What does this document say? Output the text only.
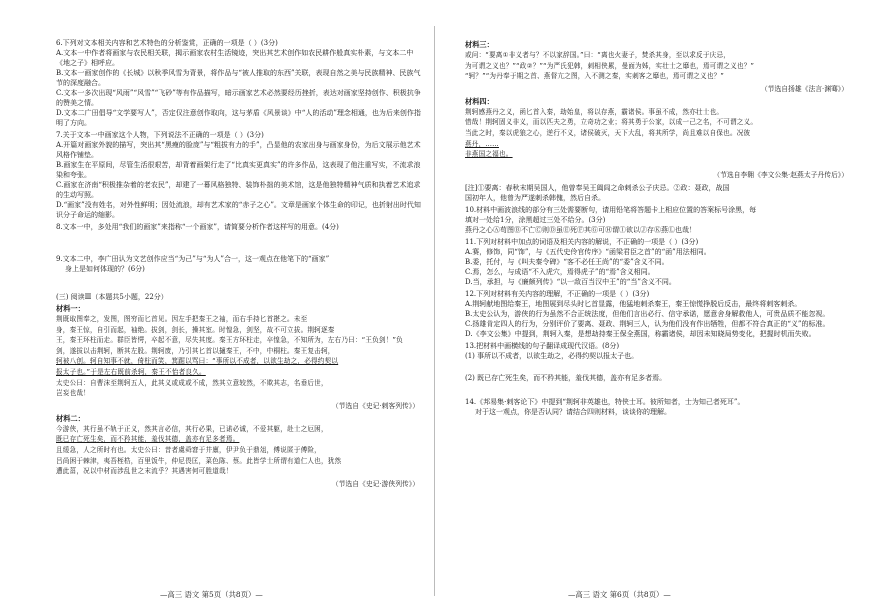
6.下列对文本相关内容和艺术特色的分析鉴赏，正确的一项是（ ）(3分)

A.文本一中作者将画家与农民相关联，揭示画家农村生活镜迹，突出其艺术创作如农民耕作般真实朴素，与文本二中《地之子》相呼应。

B.文本一画家创作的《长城》以秋季风雪为背景，将作品与“被人推取的东西”关联，表现自然之美与民族精神、民族气节的深度融合。

C.文本一多次出现“风雨”“风雪”“飞砂”等有作品描写，暗示画家艺术必然要经历挫折，表达对画家坚持创作、积极抗争的赞美之情。

D.文本二广田倡导“文学要写人”，否定仅注意创作取向，这与茅盾《风景谈》中“人的活动”理念相通，也为后来创作指明了方向。

7.关于文本一中画家这个人物，下列说法不正确的一项是（ ）(3分)

A.开篇对画家外貌的描写，突出其“黑瘦的脸庞”与“粗拔有力的手”，凸显他的农家出身与画家身份，为后文展示他艺术风格作铺垫。

B.画家生在平原间，尽管生活很艰苦，却背着画架行走了“比真实更真实”的许多作品，这表现了他注重写实，不流求浪染和夸张。

C.画家在济南“积极推杂着的老农民”，却建了一幕风格独特、装饰朴拙的美术馆，这是他独特精神气质和执着艺术追求的生动写照。

D.“画家”没有姓名，对外性鲜明；因处流浪，却有艺术家的“赤子之心”。文章是画家个体生命的印记，也折射出时代知识分子命运的缩影。

8.文本一中，多处用“我们的画家”来指称“一个画家”，请简要分析作者这样写的用意。(4分)

9.文本二中，李广田认为文艺创作应当“为己”与“为人”合一，这一观点在他笔下的“画家”

身上是如何体现的？(6分)

(三) 阅读Ⅲ（本题共5小题，22分）

材料一：

荆既取图奉之，发图，图穷而匕首见。因左手把秦王之袖，而右手持匕首揕之。未至

身，秦王惊，自引而起，袖绝。拔剑，剑长，操其室。时惶急，剑坚，故不可立拔。荆轲逐秦

王，秦王环柱而走。群臣皆愕，卒起不意，尽失其度。秦王方环柱走，卒惶急，不知所为，左右乃曰：“王负剑！”负

剑，遂拔以击荆轲，断其左股。荆轲废，乃引其匕首以擿秦王，不中，中桐柱。秦王复击轲，

轲被八创。轲自知事不就，倚柱而笑，箕踞以骂曰：“事所以不成者，以欲生劫之，必得约契以

报太子也。”于是左右既前杀轲，秦王不怡者良久。

太史公曰：自曹沫至荆轲五人，此其义或成或不成，然其立意较然，不欺其志，名垂后世，

岂妄也哉！

（节选自《史记·刺客列传》）

材料二：

今游侠，其行虽不轨于正义，然其言必信，其行必果，已诺必诚，不爱其躯，赴士之厄困，

既已存亡死生矣，而不矜其能，羞伐其德，盖亦有足多者焉。

且缓急，人之所时有也。太史公曰：昔者虞舜窘于井廪，伊尹负于鼎俎，傅说匿于傅险，

吕尚困于棘津，夷吾桎梏，百里饭牛，仲尼畏匡，菜色陈、蔡。此皆学士所谓有道仁人也，犹然

遭此菑，况以中材而涉乱世之末流乎？其遇害何可胜道哉！

（节选自《史记·游侠列传》）

材料三：

或问：“要离①非义者与？不以家辞国。”曰：“离也火妻子，焚杀其身，至以求反于庆忌，

为可谓之义也？”“政②？”“为严氏犯韩，刺相侠累，曼面为姊，实壮士之靡也，焉可谓之义也？”

“轲？”“为丹奉于期之首、燕督亢之图，入不测之秦，实刺客之靡也，焉可谓之义也？”

（节选自扬雄《法言·渊骞》）

材料四：

荆轲感燕丹之义，函匕首入秦，劫始皇，将以存燕，霸诸侯。事虽不成，然亦壮士也。

惜哉！荆轲固义非义，而以匹夫之勇，立奇功之业；将其勇于公家，以成一己之名，不可谓之义。

当此之时，秦以虎狼之心，逆行不义，诸侯破灭，天下大乱，将其所学，尚且难以自保也。况彼

燕丹，……

非燕国之福也。

（节选自李翱《李文公集·赵燕太子丹传后》）

[注]①要离：春秋末期吴国人，他曾奉吴王阖闾之命刺杀公子庆忌。②政：聂政，战国

国初年人，他曾为严遂刺杀韩傀，然后自杀。

10.材料中画波浪线的部分有三处需要断句，请用铅笔将答题卡上相应位置的答案标号涂黑，每

填对一处给1分，涂黑超过三处不给分。(3分)

燕丹之心Ⓐ苟图Ⓑ不亡Ⓒ则Ⓓ虽Ⓔ死Ⓕ其Ⓖ可Ⓗ谓Ⓘ欲以Ⓙ存Ⓚ燕Ⓛ也哉！

11.下列对材料中加点的词语及相关内容的解说，不正确的一项是（ ）(3分)

A.赛，修饰，同“饰”，与《五代史伶官传序》“函梁君臣之首”的“函”用法相同。

B.委，托付，与《叫夫秦令碑》“客不必任王尚”的“委”含义不同。

C.焉，怎么，与成语“不入虎穴，焉得虎子”的“焉”含义相同。

D.当，承担，与《廉颇列传》“以一敌百当汉中王”的“当”含义不同。

12.下列对材料有关内容的理解，不正确的一项是（ ）(3分)

A.荆轲献地图给秦王，地图展到尽头时匕首显露，他猛地刺杀秦王，秦王惊慌挣脱后反击，最终将刺客刺杀。

B.太史公认为，游侠的行为虽然不合正统法度，但他们言出必行、信守承诺，愿意舍身解救他人，可贵品质不能忽视。

C.扬雄肯定四人的行为，分别评价了要离、聂政、荆轲三人，认为他们没有作出牺牲，但都不符合真正的“义”的标准。

D.《李文公集》中提到，荆轲入秦，是想劫持秦王保全燕国，称霸诸侯，却因未知晓局势变化，把握时机而失败。

13.把材料中画横线的句子翻译成现代汉语。(8分)

(1) 事所以不成者，以欲生劫之，必得约契以报太子也。

(2) 既已存亡死生矣，而不矜其能，羞伐其德，盖亦有足多者焉。

14.《邦易集·刺客论下》中提到“荆轲非英雄也，特侠士耳。彼所知者，士为知己者死耳”。

对于这一观点，你是否认同？请结合四则材料，谈谈你的理解。

—高三 语文 第5页（共8页）—	—高三 语文 第6页（共8页）—
